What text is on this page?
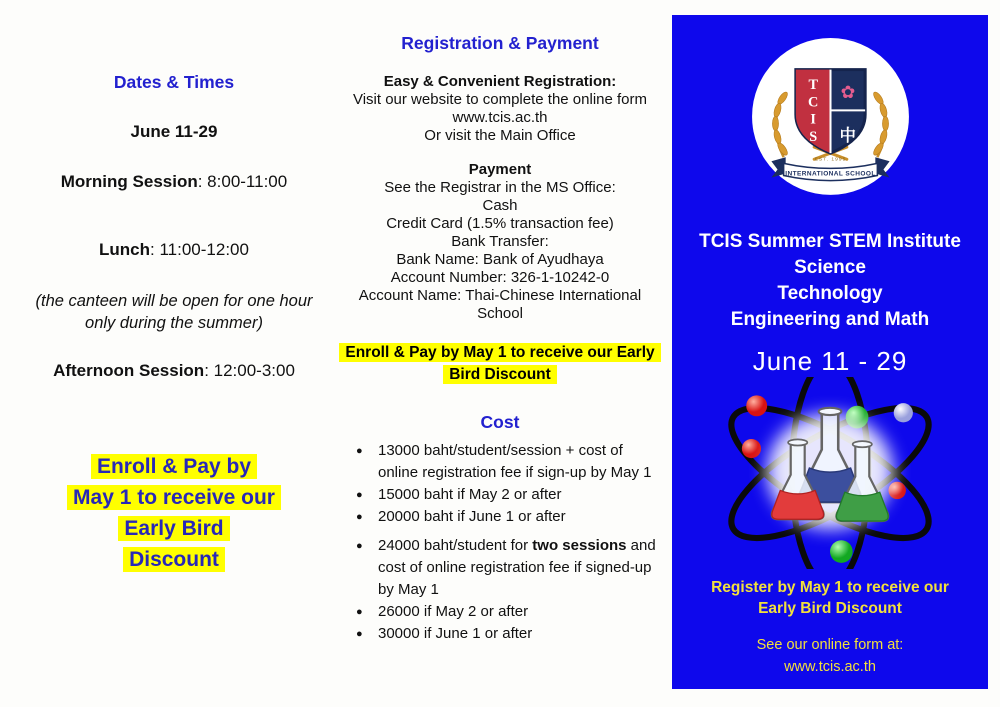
Dates & Times
June 11-29
Morning Session: 8:00-11:00
Lunch: 11:00-12:00
(the canteen will be open for one hour
only during the summer)
Afternoon Session: 12:00-3:00
Enroll & Pay by
May 1 to receive our
Early Bird
Discount
Registration & Payment
Easy & Convenient Registration:
Visit our website to complete the online form
www.tcis.ac.th
Or visit the Main Office
Payment
See the Registrar in the MS Office:
Cash
Credit Card (1.5% transaction fee)
Bank Transfer:
Bank Name: Bank of Ayudhaya
Account Number: 326-1-10242-0
Account Name: Thai-Chinese International School
Enroll & Pay by May 1 to receive our Early
Bird Discount
Cost
●	13000 baht/student/session + cost of online registration fee if sign-up by May 1
●	15000 baht if May 2 or after
●	20000 baht if June 1 or after
●	24000 baht/student for two sessions and cost of online registration fee if signed-up by May 1
●	26000 if May 2 or after
●	30000 if June 1 or after
T
C
I
S
✿
中
EST. 1995
INTERNATIONAL SCHOOL
TCIS Summer STEM Institute
Science
Technology
Engineering and Math
June 11 - 29
Register by May 1 to receive our
Early Bird Discount
See our online form at:
www.tcis.ac.th
